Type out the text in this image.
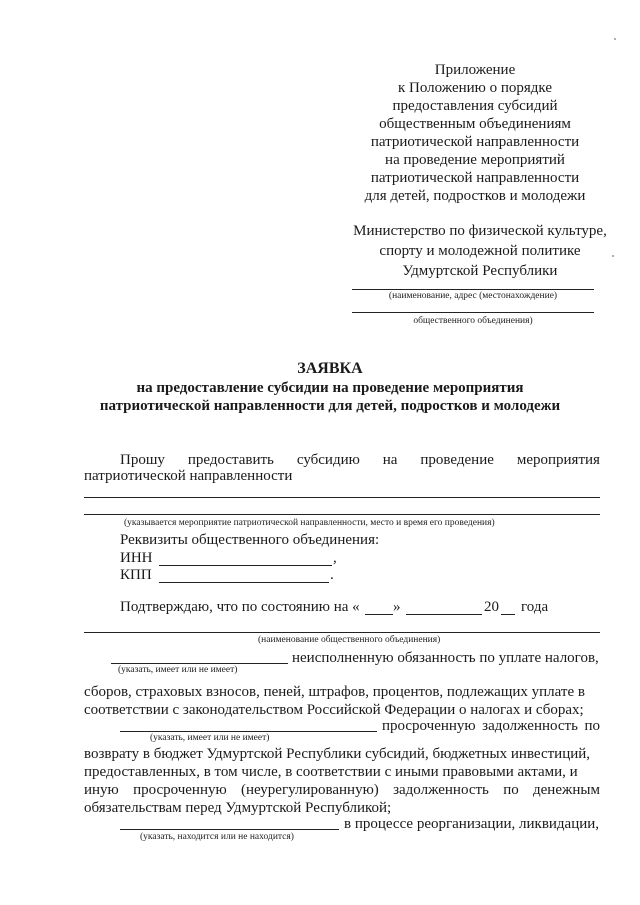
Приложение
к Положению о порядке
предоставления субсидий
общественным объединениям
патриотической направленности
на проведение мероприятий
патриотической направленности
для детей, подростков и молодежи
Министерство по физической культуре,
спорту и молодежной политике
Удмуртской Республики
(наименование, адрес (местонахождение)
общественного объединения)
ЗАЯВКА
на предоставление субсидии на проведение мероприятия
патриотической направленности для детей, подростков и молодежи
Прошу предоставить субсидию на проведение мероприятия
патриотической направленности
(указывается мероприятие патриотической направленности, место и время его проведения)
Реквизиты общественного объединения:
ИНН	,
КПП	.
Подтверждаю, что по состоянию на « »	20 года
(наименование общественного объединения)
неисполненную обязанность по уплате налогов,
(указать, имеет или не имеет)
сборов, страховых взносов, пеней, штрафов, процентов, подлежащих уплате в
соответствии с законодательством Российской Федерации о налогах и сборах;
просроченную задолженность по
(указать, имеет или не имеет)
возврату в бюджет Удмуртской Республики субсидий, бюджетных инвестиций,
предоставленных, в том числе, в соответствии с иными правовыми актами, и
иную просроченную (неурегулированную) задолженность по денежным
обязательствам перед Удмуртской Республикой;
в процессе реорганизации, ликвидации,
(указать, находится или не находится)
